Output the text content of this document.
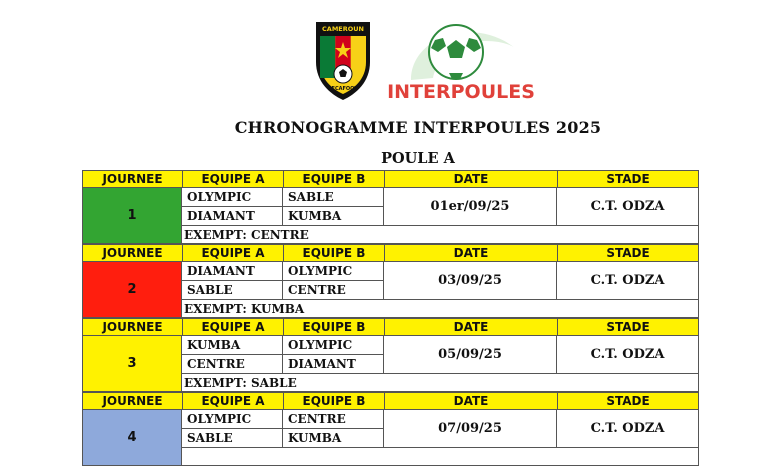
CAMEROUN
FECAFOOT INTERPOULES
CHRONOGRAMME INTERPOULES 2025
POULE A
JOURNEE	EQUIPE A	EQUIPE B	DATE	STADE
1
OLYMPIC	SABLE
DIAMANT	KUMBA
01er/09/25	C.T. ODZA
EXEMPT: CENTRE
JOURNEE	EQUIPE A	EQUIPE B	DATE	STADE
2
DIAMANT	OLYMPIC
SABLE	CENTRE
03/09/25	C.T. ODZA
EXEMPT: KUMBA
JOURNEE	EQUIPE A	EQUIPE B	DATE	STADE
3
KUMBA	OLYMPIC
CENTRE	DIAMANT
05/09/25	C.T. ODZA
EXEMPT: SABLE
JOURNEE	EQUIPE A	EQUIPE B	DATE	STADE
4
OLYMPIC	CENTRE
SABLE	KUMBA
07/09/25	C.T. ODZA
